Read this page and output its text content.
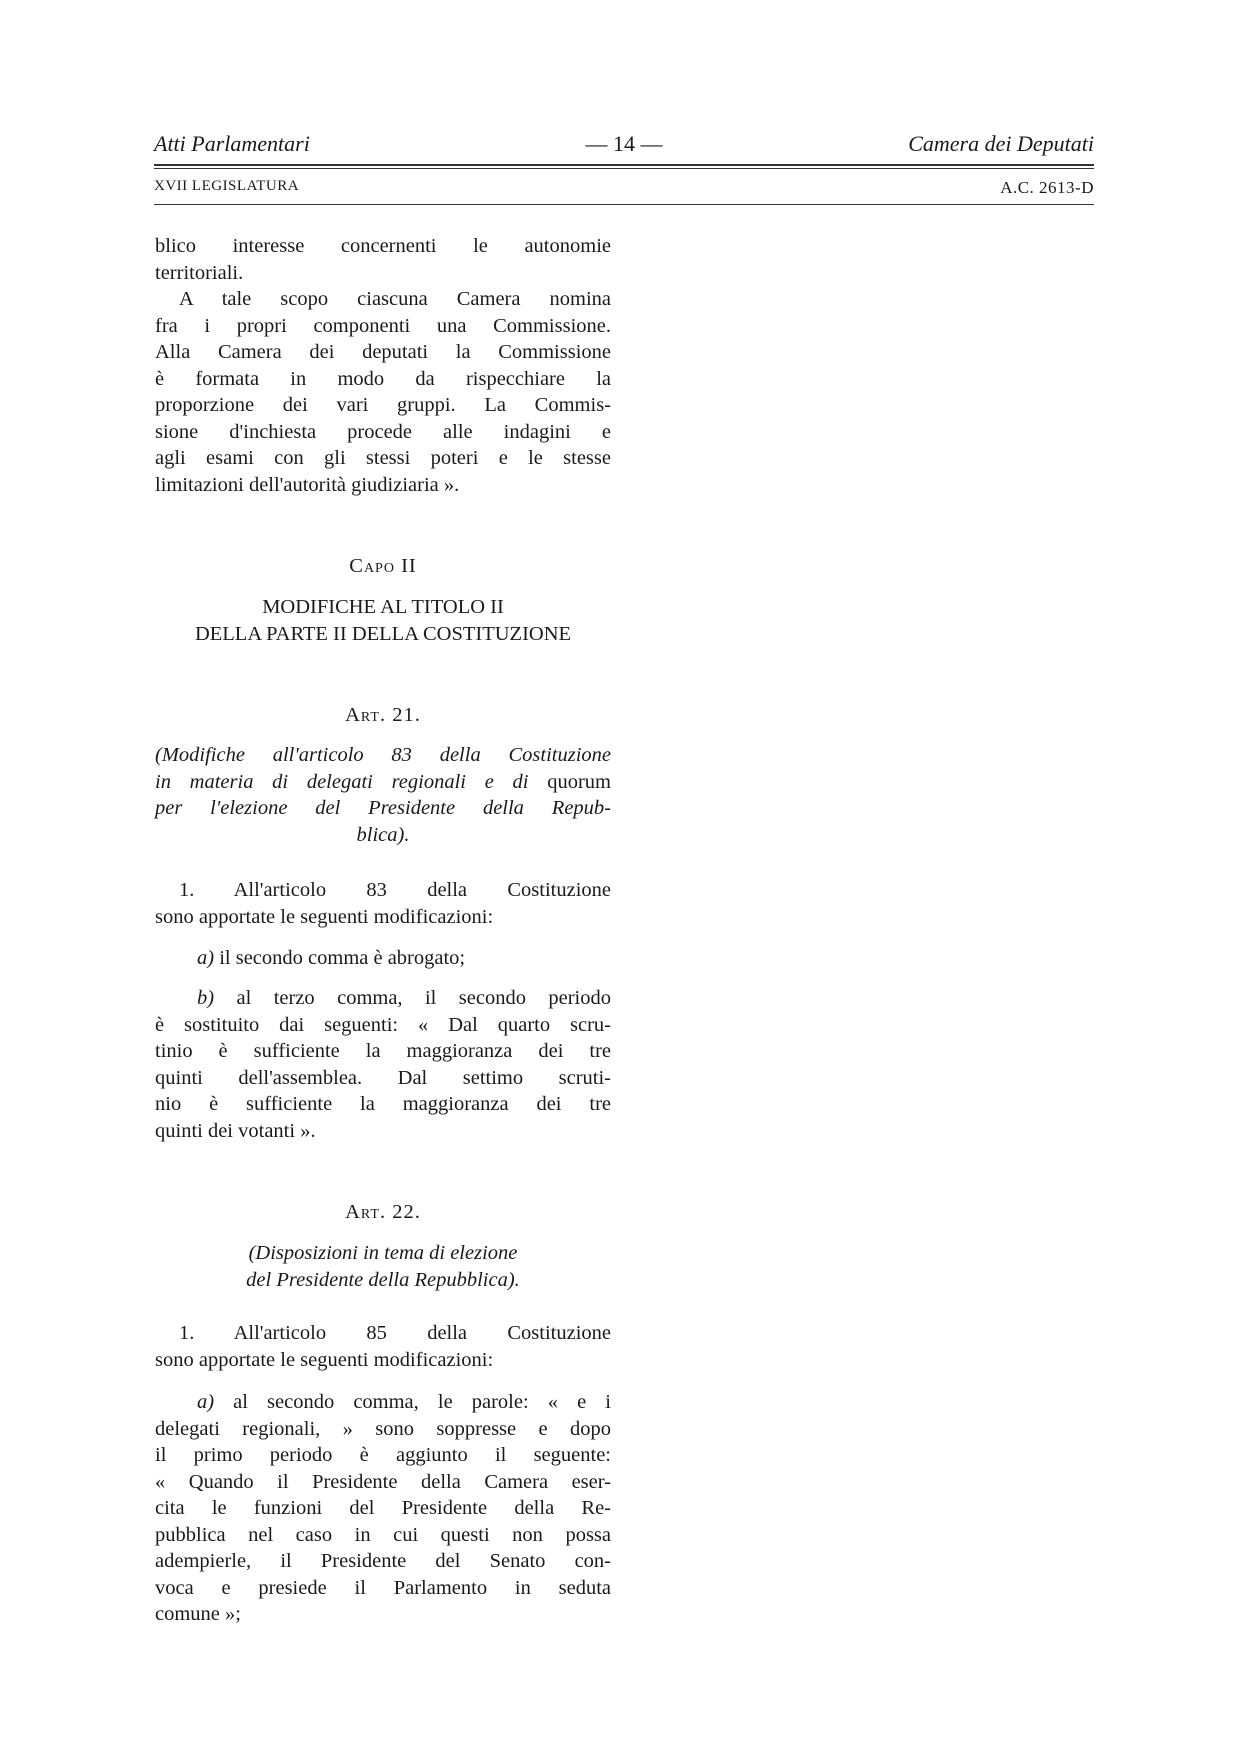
Atti Parlamentari	— 14 —	Camera dei Deputati
XVII LEGISLATURA	A.C. 2613-D
blico interesse concernenti le autonomie
territoriali.
A tale scopo ciascuna Camera nomina
fra i propri componenti una Commissione.
Alla Camera dei deputati la Commissione
è formata in modo da rispecchiare la
proporzione dei vari gruppi. La Commis-
sione d'inchiesta procede alle indagini e
agli esami con gli stessi poteri e le stesse
limitazioni dell'autorità giudiziaria ».
Capo II
MODIFICHE AL TITOLO II
DELLA PARTE II DELLA COSTITUZIONE
Art. 21.
(Modifiche all'articolo 83 della Costituzione
in materia di delegati regionali e di quorum
per l'elezione del Presidente della Repub-
blica).
1. All'articolo 83 della Costituzione
sono apportate le seguenti modificazioni:
a) il secondo comma è abrogato;
b) al terzo comma, il secondo periodo
è sostituito dai seguenti: « Dal quarto scru-
tinio è sufficiente la maggioranza dei tre
quinti dell'assemblea. Dal settimo scruti-
nio è sufficiente la maggioranza dei tre
quinti dei votanti ».
Art. 22.
(Disposizioni in tema di elezione
del Presidente della Repubblica).
1. All'articolo 85 della Costituzione
sono apportate le seguenti modificazioni:
a) al secondo comma, le parole: « e i
delegati regionali, » sono soppresse e dopo
il primo periodo è aggiunto il seguente:
« Quando il Presidente della Camera eser-
cita le funzioni del Presidente della Re-
pubblica nel caso in cui questi non possa
adempierle, il Presidente del Senato con-
voca e presiede il Parlamento in seduta
comune »;
